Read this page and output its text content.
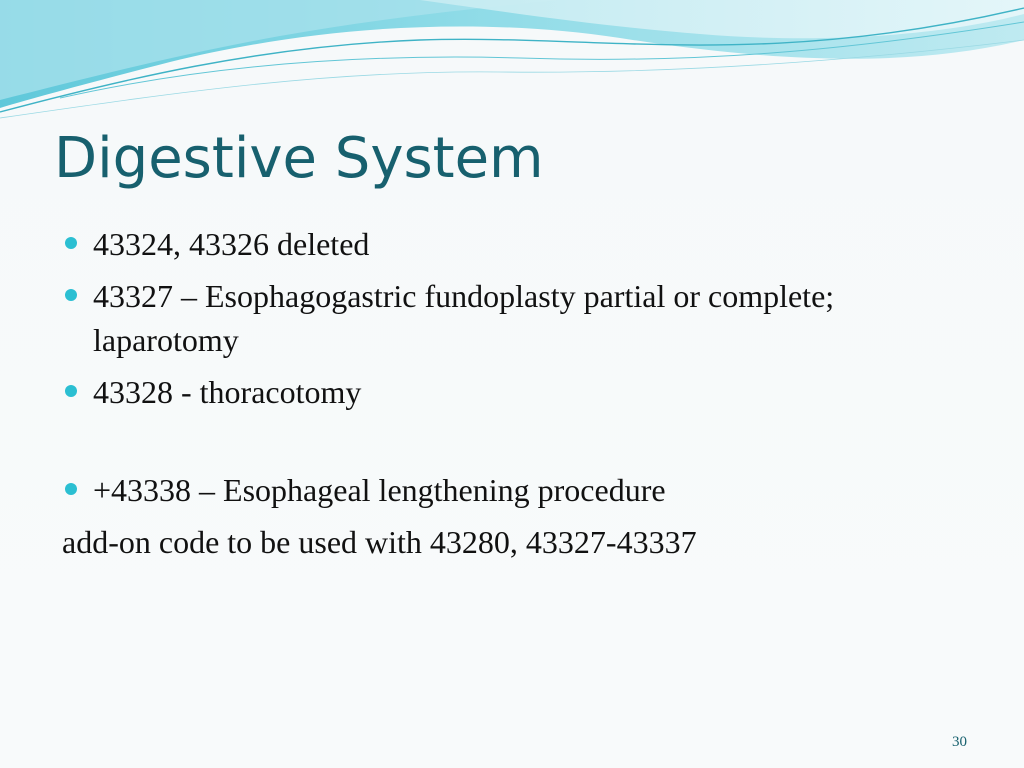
Digestive System

43324, 43326 deleted

43327 – Esophagogastric fundoplasty partial or complete; laparotomy

43328 - thoracotomy

+43338 – Esophageal lengthening procedure

add-on code to be used with 43280, 43327-43337

30
